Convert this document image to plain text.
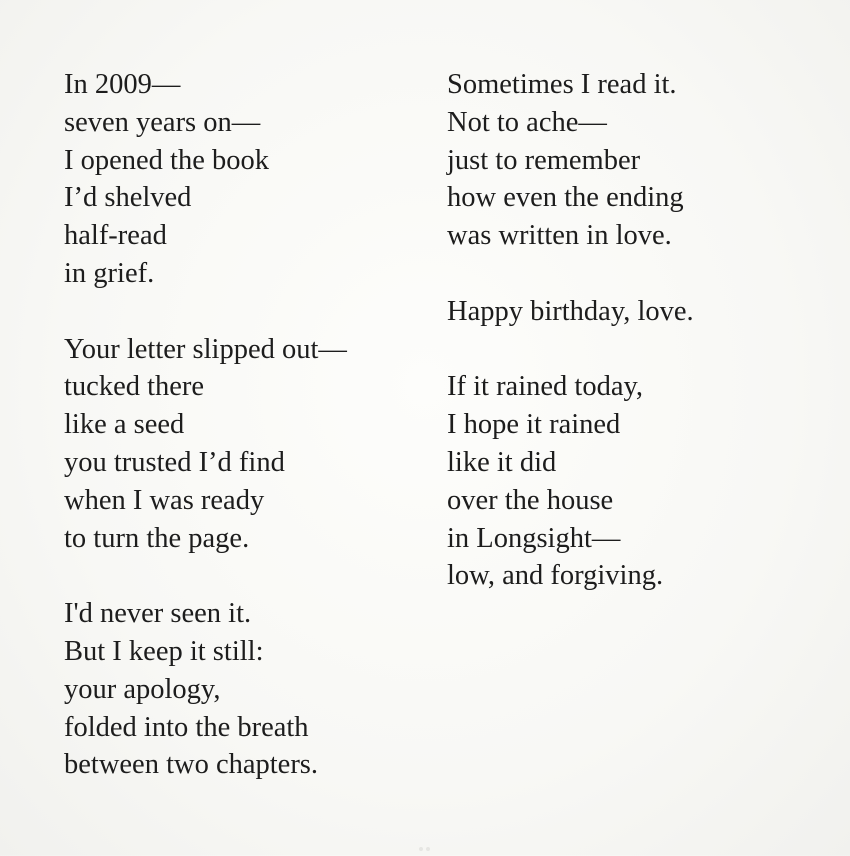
In 2009—
seven years on—
I opened the book
I’d shelved
half-read
in grief.
Your letter slipped out—
tucked there
like a seed
you trusted I’d find
when I was ready
to turn the page.
I'd never seen it.
But I keep it still:
your apology,
folded into the breath
between two chapters.
Sometimes I read it.
Not to ache—
just to remember
how even the ending
was written in love.
Happy birthday, love.
If it rained today,
I hope it rained
like it did
over the house
in Longsight—
low, and forgiving.
